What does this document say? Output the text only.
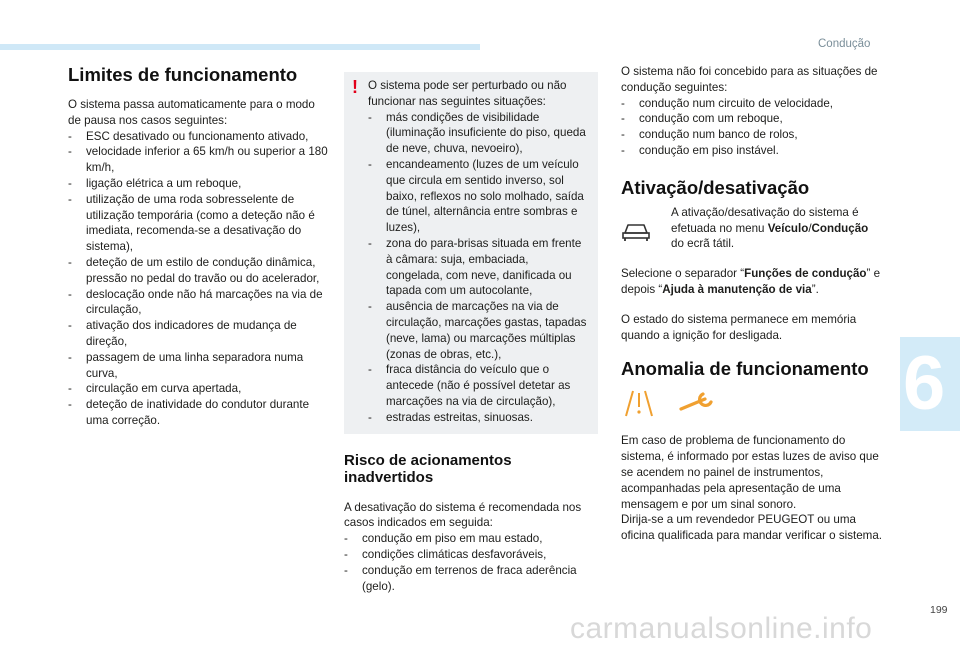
Condução
6
Limites de funcionamento

O sistema passa automaticamente para o modo de pausa nos casos seguintes:

- ESC desativado ou funcionamento ativado,
- velocidade inferior a 65 km/h ou superior a 180 km/h,
- ligação elétrica a um reboque,
- utilização de uma roda sobresselente de utilização temporária (como a deteção não é imediata, recomenda-se a desativação do sistema),
- deteção de um estilo de condução dinâmica, pressão no pedal do travão ou do acelerador,
- deslocação onde não há marcações na via de circulação,
- ativação dos indicadores de mudança de direção,
- passagem de uma linha separadora numa curva,
- circulação em curva apertada,
- deteção de inatividade do condutor durante uma correção.
! O sistema pode ser perturbado ou não funcionar nas seguintes situações:

- más condições de visibilidade (iluminação insuficiente do piso, queda de neve, chuva, nevoeiro),
- encandeamento (luzes de um veículo que circula em sentido inverso, sol baixo, reflexos no solo molhado, saída de túnel, alternância entre sombras e luzes),
- zona do para-brisas situada em frente à câmara: suja, embaciada, congelada, com neve, danificada ou tapada com um autocolante,
- ausência de marcações na via de circulação, marcações gastas, tapadas (neve, lama) ou marcações múltiplas (zonas de obras, etc.),
- fraca distância do veículo que o antecede (não é possível detetar as marcações na via de circulação),
- estradas estreitas, sinuosas.
Risco de acionamentos inadvertidos

A desativação do sistema é recomendada nos casos indicados em seguida:

- condução em piso em mau estado,
- condições climáticas desfavoráveis,
- condução em terrenos de fraca aderência (gelo).

O sistema não foi concebido para as situações de condução seguintes:

- condução num circuito de velocidade,
- condução com um reboque,
- condução num banco de rolos,
- condução em piso instável.
Ativação/desativação

A ativação/desativação do sistema é efetuada no menu Veículo/Condução do ecrã tátil.

Selecione o separador “Funções de condução” e depois “Ajuda à manutenção de via”.

O estado do sistema permanece em memória quando a ignição for desligada.

Anomalia de funcionamento

Em caso de problema de funcionamento do sistema, é informado por estas luzes de aviso que se acendem no painel de instrumentos, acompanhadas pela apresentação de uma mensagem e por um sinal sonoro.

Dirija-se a um revendedor PEUGEOT ou uma oficina qualificada para mandar verificar o sistema.

carmanualsonline.info
199
